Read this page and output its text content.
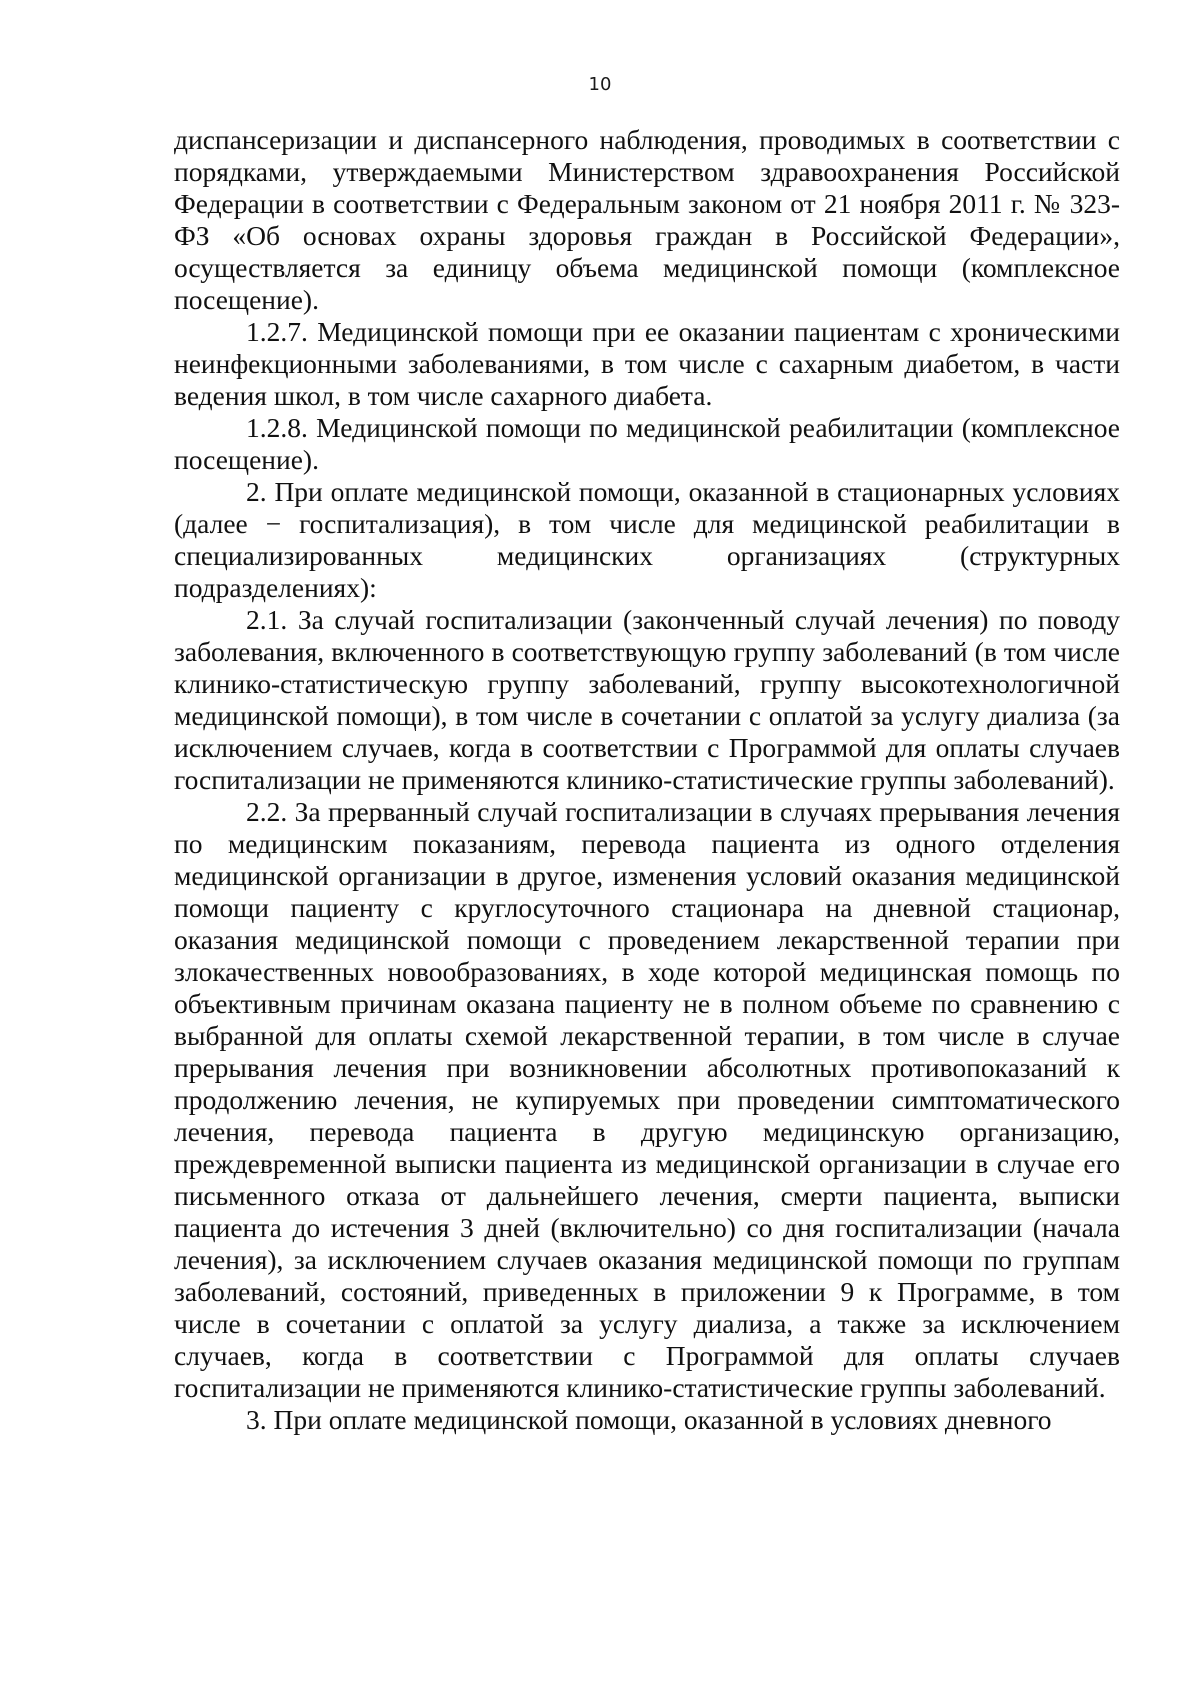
10

диспансеризации и диспансерного наблюдения, проводимых в соответствии с порядками, утверждаемыми Министерством здравоохранения Российской Федерации в соответствии с Федеральным законом от 21 ноября 2011 г. № 323-ФЗ «Об основах охраны здоровья граждан в Российской Федерации», осуществляется за единицу объема медицинской помощи (комплексное посещение).

1.2.7. Медицинской помощи при ее оказании пациентам с хроническими неинфекционными заболеваниями, в том числе с сахарным диабетом, в части ведения школ, в том числе сахарного диабета.

1.2.8. Медицинской помощи по медицинской реабилитации (комплексное посещение).

2. При оплате медицинской помощи, оказанной в стационарных условиях (далее − госпитализация), в том числе для медицинской реабилитации в специализированных медицинских организациях (структурных подразделениях):

2.1. За случай госпитализации (законченный случай лечения) по поводу заболевания, включенного в соответствующую группу заболеваний (в том числе клинико-статистическую группу заболеваний, группу высокотехнологичной медицинской помощи), в том числе в сочетании с оплатой за услугу диализа (за исключением случаев, когда в соответствии с Программой для оплаты случаев госпитализации не применяются клинико-статистические группы заболеваний).

2.2. За прерванный случай госпитализации в случаях прерывания лечения по медицинским показаниям, перевода пациента из одного отделения медицинской организации в другое, изменения условий оказания медицинской помощи пациенту с круглосуточного стационара на дневной стационар, оказания медицинской помощи с проведением лекарственной терапии при злокачественных новообразованиях, в ходе которой медицинская помощь по объективным причинам оказана пациенту не в полном объеме по сравнению с выбранной для оплаты схемой лекарственной терапии, в том числе в случае прерывания лечения при возникновении абсолютных противопоказаний к продолжению лечения, не купируемых при проведении симптоматического лечения, перевода пациента в другую медицинскую организацию, преждевременной выписки пациента из медицинской организации в случае его письменного отказа от дальнейшего лечения, смерти пациента, выписки пациента до истечения 3 дней (включительно) со дня госпитализации (начала лечения), за исключением случаев оказания медицинской помощи по группам заболеваний, состояний, приведенных в приложении 9 к Программе, в том числе в сочетании с оплатой за услугу диализа, а также за исключением случаев, когда в соответствии с Программой для оплаты случаев госпитализации не применяются клинико-статистические группы заболеваний.

3. При оплате медицинской помощи, оказанной в условиях дневного
